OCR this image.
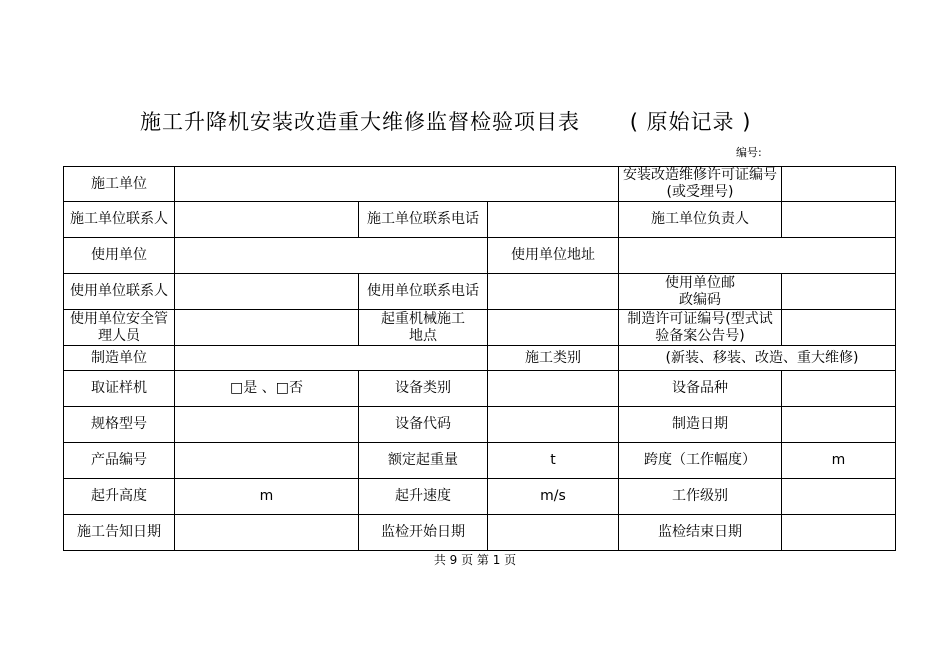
施工升降机安装改造重大维修监督检验项目表 ( 原始记录 )
编号:
施工单位				安装改造维修许可证编号 (或受理号)	
施工单位联系人		施工单位联系电话		施工单位负责人	
使用单位			使用单位地址		
使用单位联系人		使用单位联系电话		使用单位邮政编码	
使用单位安全管理人员		起重机械施工地点		制造许可证编号(型式试验备案公告号)	
制造单位			施工类别	(新装、移装、改造、重大维修)	
取证样机	□是 、□否	设备类别		设备品种	
规格型号		设备代码		制造日期	
产品编号		额定起重量	t	跨度（工作幅度）	m
起升高度	m	起升速度	m/s	工作级别	
施工告知日期		监检开始日期		监检结束日期	
共 9 页 第 1 页
